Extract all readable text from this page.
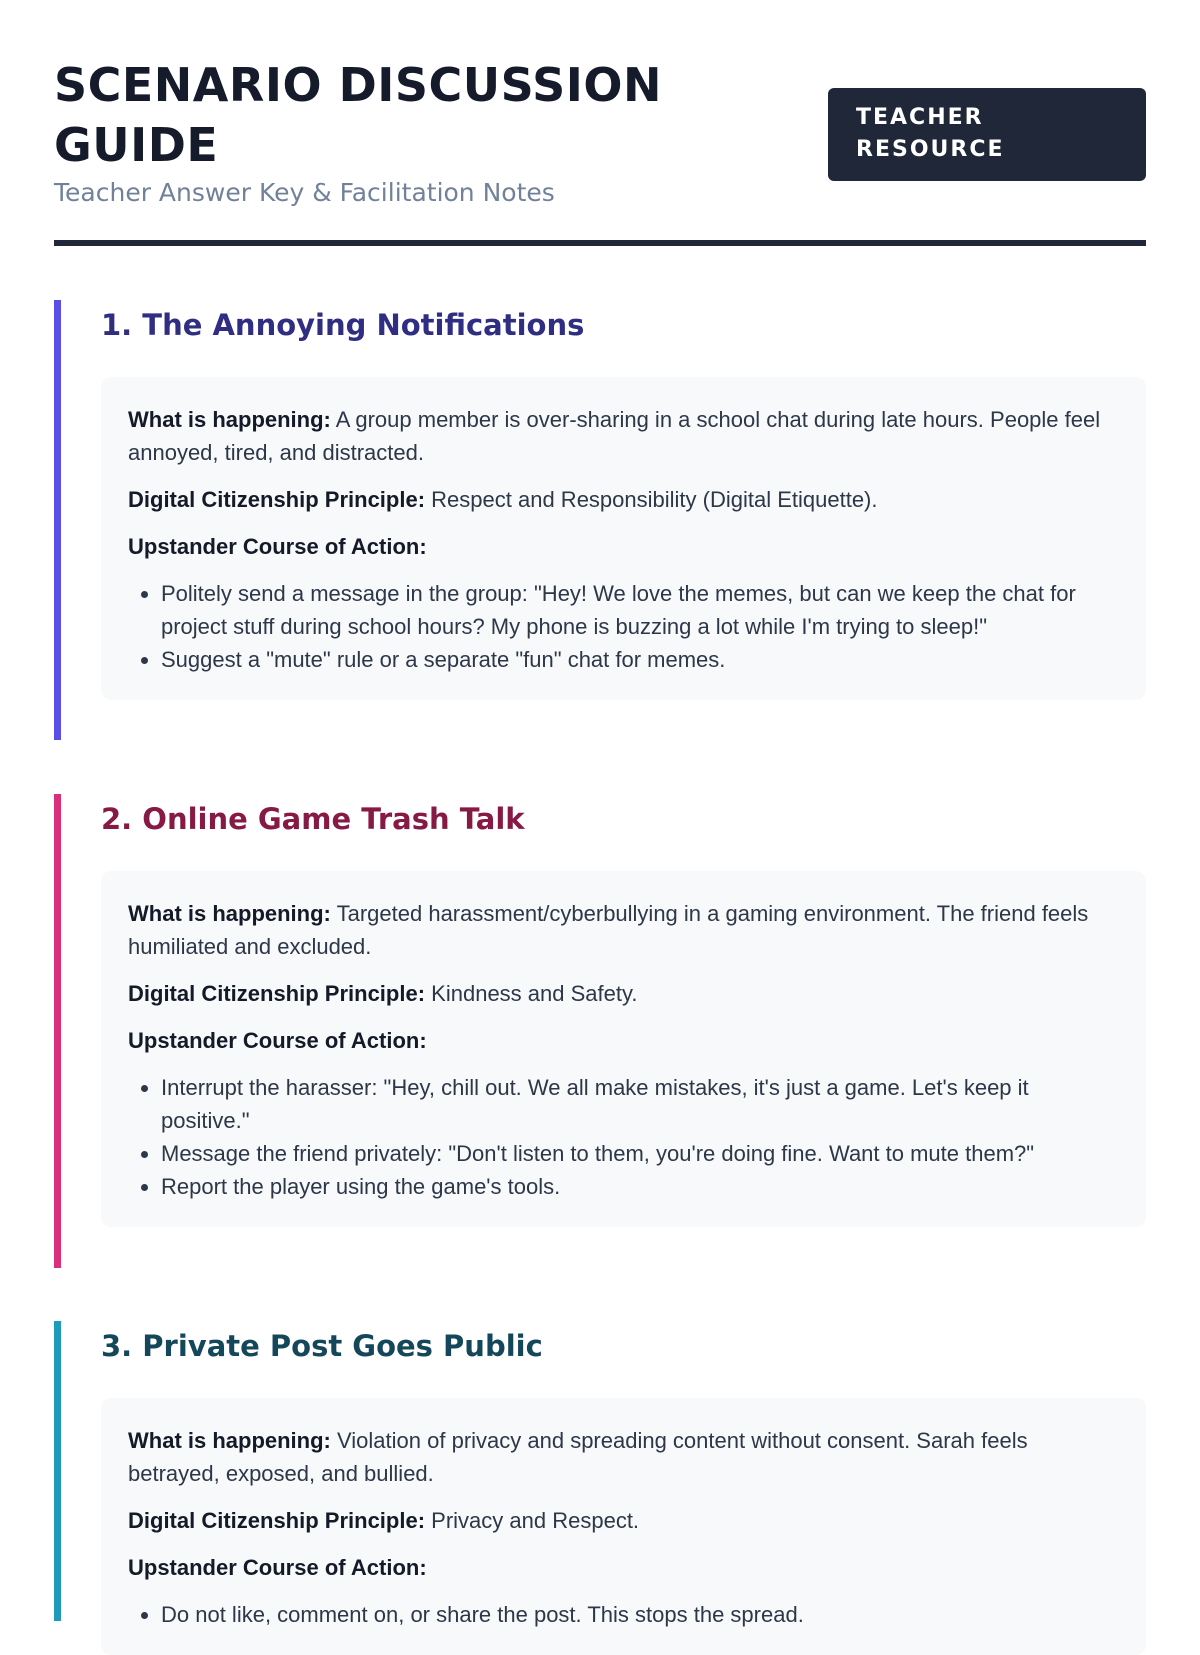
SCENARIO DISCUSSION GUIDE
Teacher Answer Key & Facilitation Notes
TEACHER RESOURCE
1. The Annoying Notifications

What is happening: A group member is over-sharing in a school chat during late hours. People feel annoyed, tired, and distracted.

Digital Citizenship Principle: Respect and Responsibility (Digital Etiquette).

Upstander Course of Action:

• Politely send a message in the group: "Hey! We love the memes, but can we keep the chat for project stuff during school hours? My phone is buzzing a lot while I'm trying to sleep!"
• Suggest a "mute" rule or a separate "fun" chat for memes.
2. Online Game Trash Talk

What is happening: Targeted harassment/cyberbullying in a gaming environment. The friend feels humiliated and excluded.

Digital Citizenship Principle: Kindness and Safety.

Upstander Course of Action:

• Interrupt the harasser: "Hey, chill out. We all make mistakes, it's just a game. Let's keep it positive."
• Message the friend privately: "Don't listen to them, you're doing fine. Want to mute them?"
• Report the player using the game's tools.
3. Private Post Goes Public

What is happening: Violation of privacy and spreading content without consent. Sarah feels betrayed, exposed, and bullied.

Digital Citizenship Principle: Privacy and Respect.

Upstander Course of Action:

• Do not like, comment on, or share the post. This stops the spread.
